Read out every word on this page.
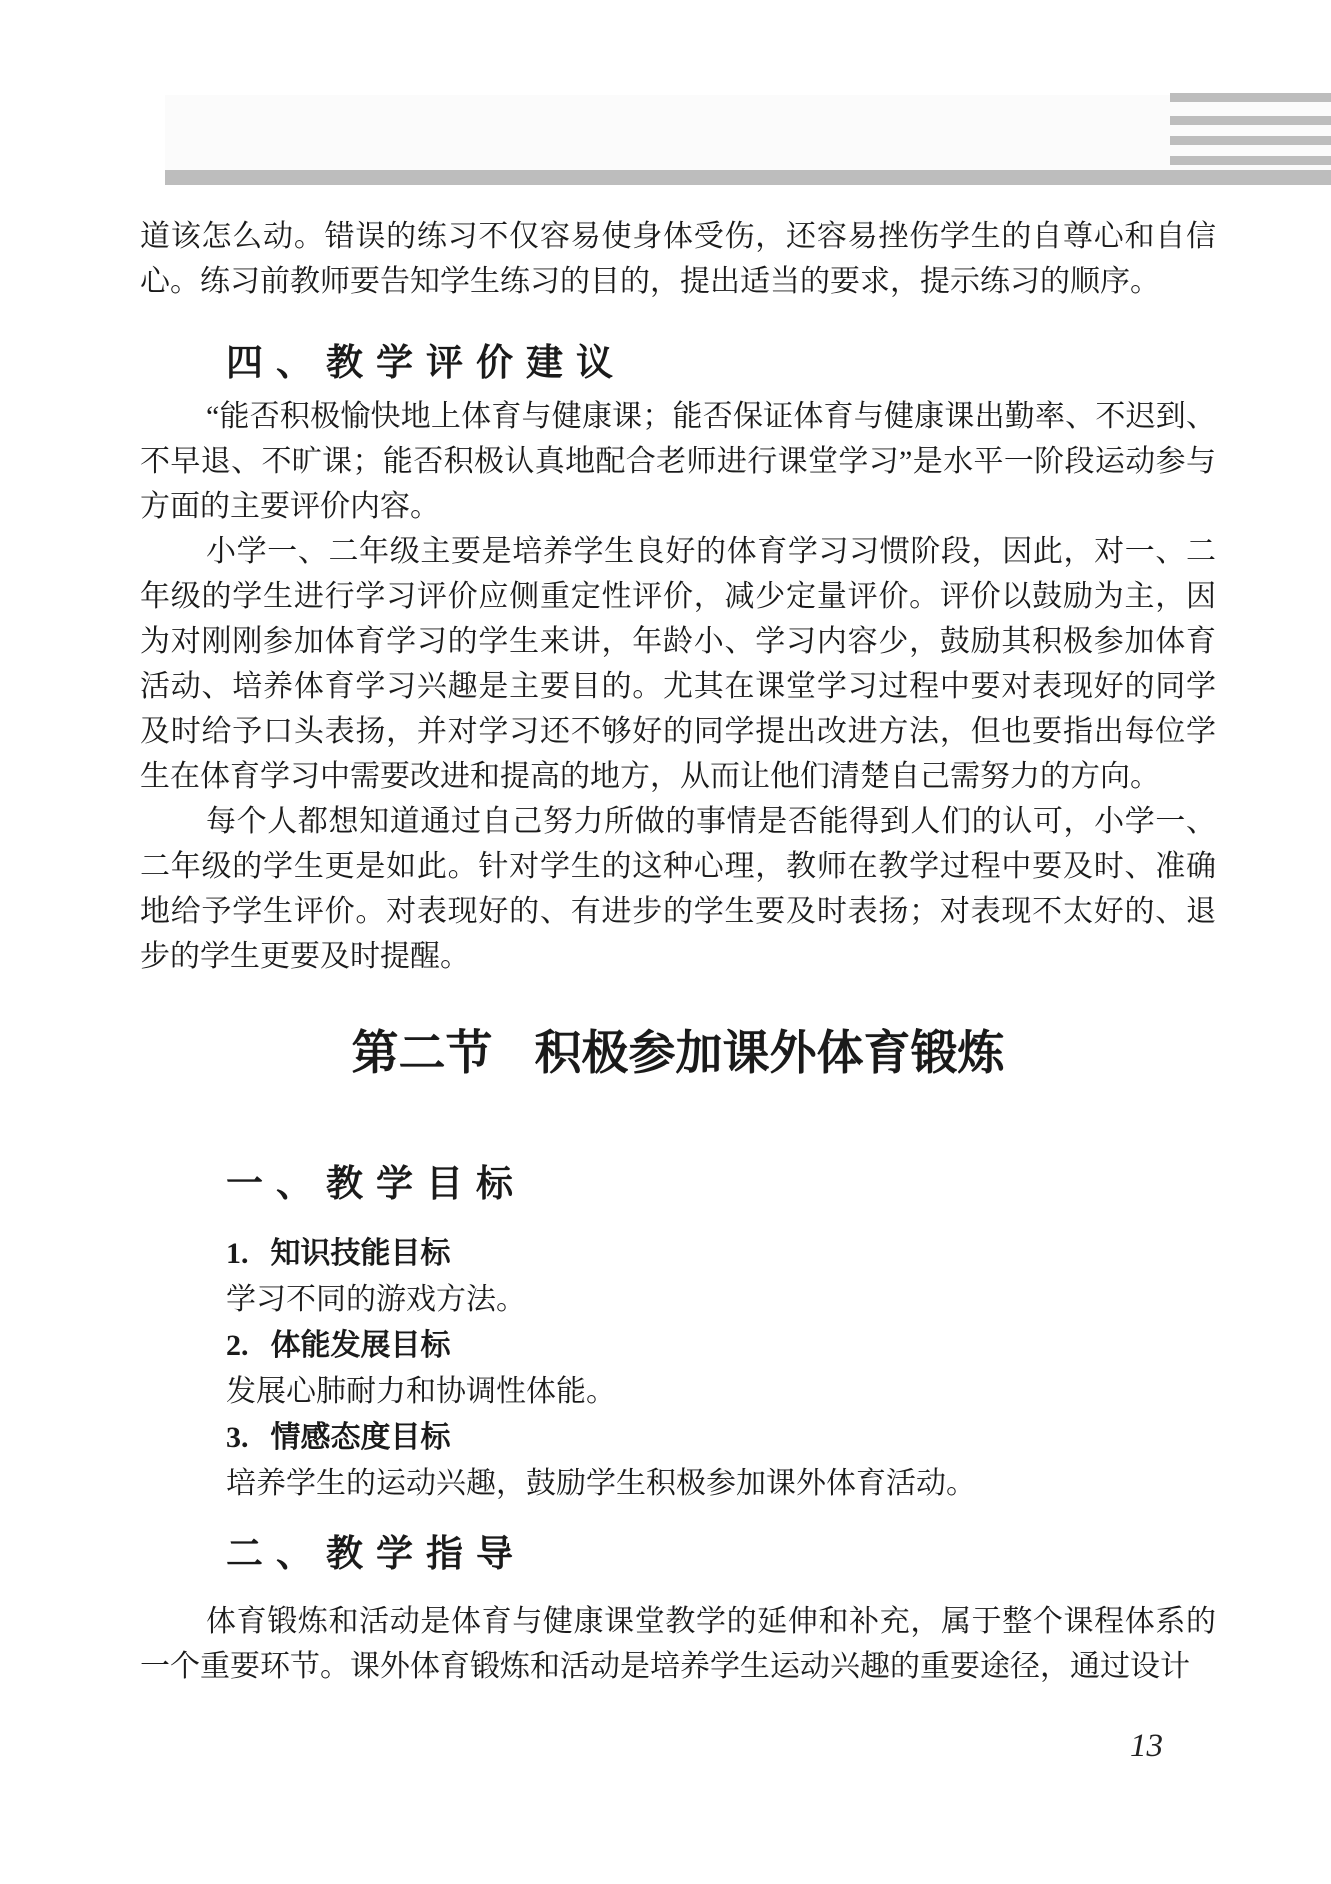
道该怎么动。错误的练习不仅容易使身体受伤，还容易挫伤学生的自尊心和自信心。练习前教师要告知学生练习的目的，提出适当的要求，提示练习的顺序。

四、教学评价建议

“能否积极愉快地上体育与健康课；能否保证体育与健康课出勤率、不迟到、不早退、不旷课；能否积极认真地配合老师进行课堂学习”是水平一阶段运动参与方面的主要评价内容。

小学一、二年级主要是培养学生良好的体育学习习惯阶段，因此，对一、二年级的学生进行学习评价应侧重定性评价，减少定量评价。评价以鼓励为主，因为对刚刚参加体育学习的学生来讲，年龄小、学习内容少，鼓励其积极参加体育活动、培养体育学习兴趣是主要目的。尤其在课堂学习过程中要对表现好的同学及时给予口头表扬，并对学习还不够好的同学提出改进方法，但也要指出每位学生在体育学习中需要改进和提高的地方，从而让他们清楚自己需努力的方向。

每个人都想知道通过自己努力所做的事情是否能得到人们的认可，小学一、二年级的学生更是如此。针对学生的这种心理，教师在教学过程中要及时、准确地给予学生评价。对表现好的、有进步的学生要及时表扬；对表现不太好的、退步的学生更要及时提醒。

第二节 积极参加课外体育锻炼
一、教学目标
1. 知识技能目标

学习不同的游戏方法。

2. 体能发展目标

发展心肺耐力和协调性体能。

3. 情感态度目标

培养学生的运动兴趣，鼓励学生积极参加课外体育活动。

二、教学指导

体育锻炼和活动是体育与健康课堂教学的延伸和补充，属于整个课程体系的一个重要环节。课外体育锻炼和活动是培养学生运动兴趣的重要途径，通过设计

13
